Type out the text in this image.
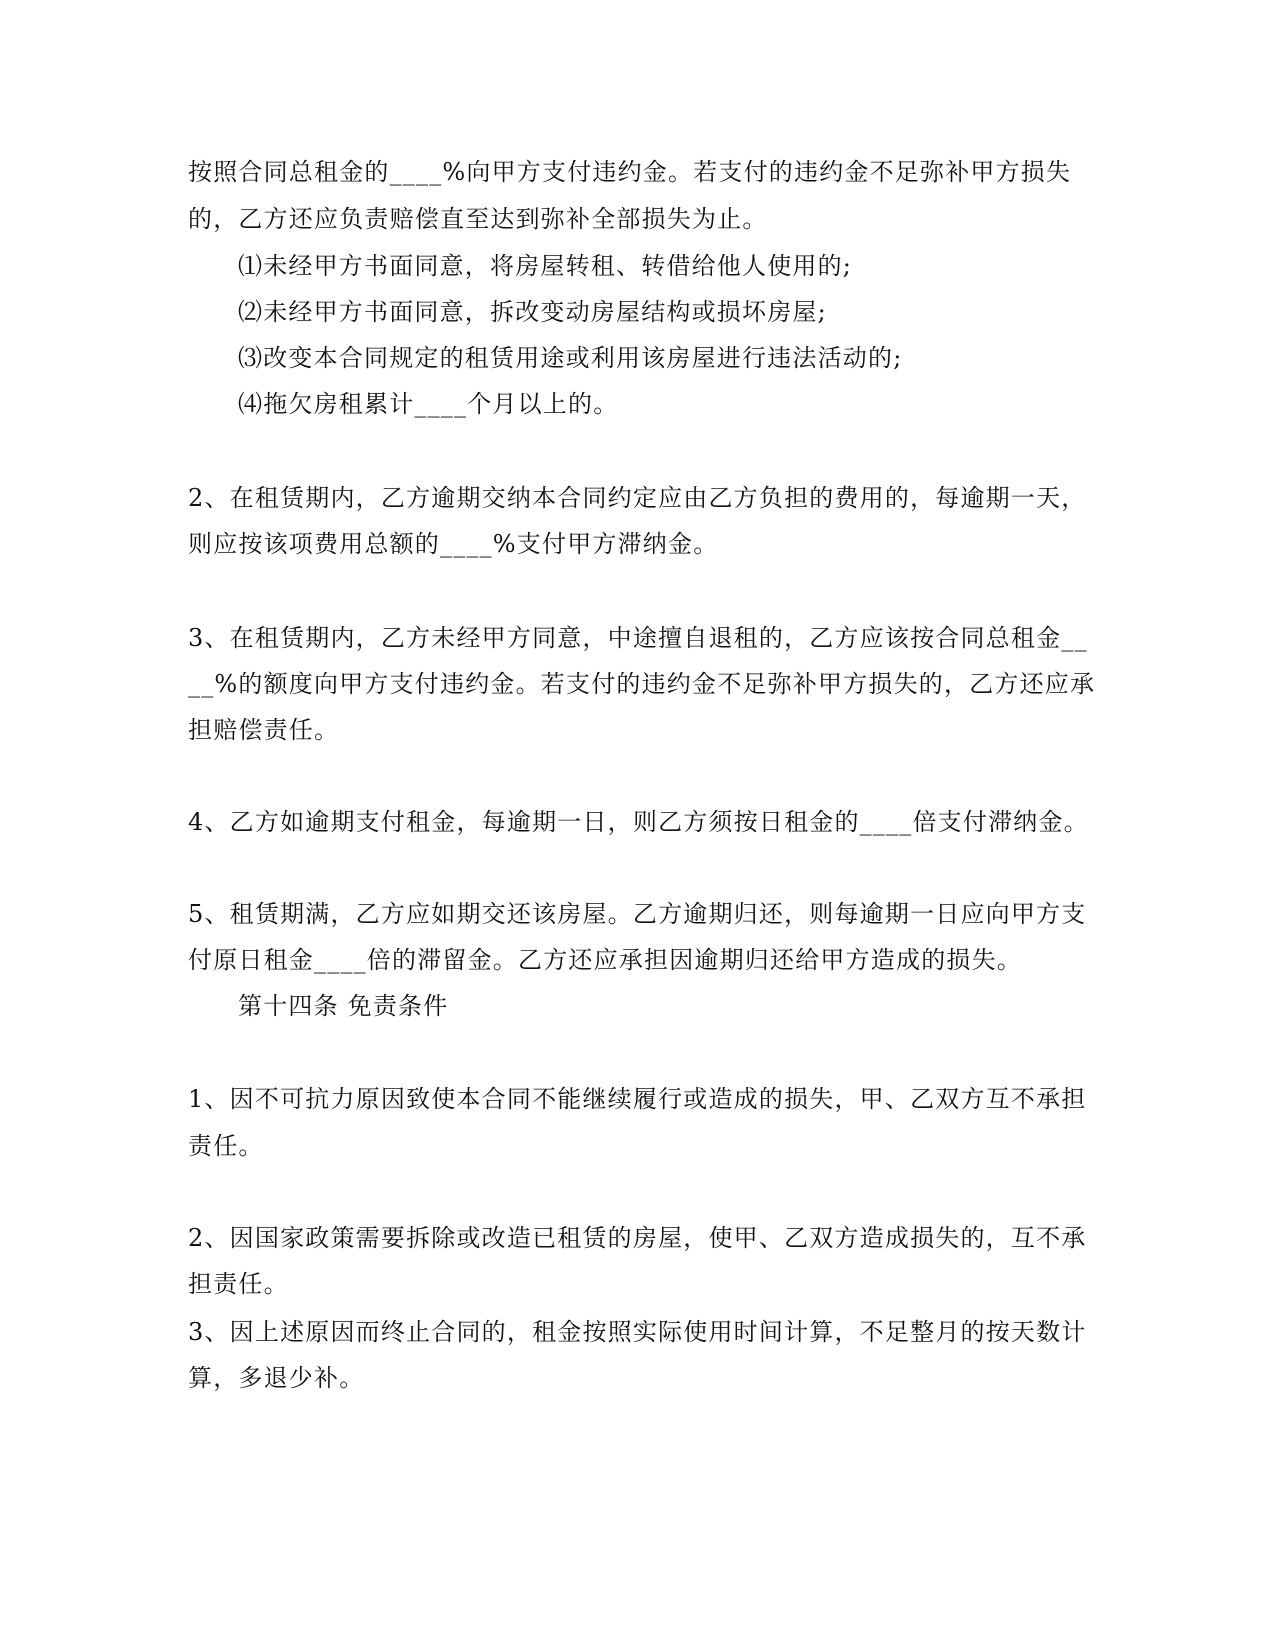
按照合同总租金的____%向甲方支付违约金。若支付的违约金不足弥补甲方损失
的，乙方还应负责赔偿直至达到弥补全部损失为止。
⑴未经甲方书面同意，将房屋转租、转借给他人使用的;
⑵未经甲方书面同意，拆改变动房屋结构或损坏房屋;
⑶改变本合同规定的租赁用途或利用该房屋进行违法活动的;
⑷拖欠房租累计____个月以上的。
2、在租赁期内，乙方逾期交纳本合同约定应由乙方负担的费用的，每逾期一天，
则应按该项费用总额的____%支付甲方滞纳金。
3、在租赁期内，乙方未经甲方同意，中途擅自退租的，乙方应该按合同总租金__
__%的额度向甲方支付违约金。若支付的违约金不足弥补甲方损失的，乙方还应承
担赔偿责任。
4、乙方如逾期支付租金，每逾期一日，则乙方须按日租金的____倍支付滞纳金。
5、租赁期满，乙方应如期交还该房屋。乙方逾期归还，则每逾期一日应向甲方支
付原日租金____倍的滞留金。乙方还应承担因逾期归还给甲方造成的损失。
第十四条 免责条件
1、因不可抗力原因致使本合同不能继续履行或造成的损失，甲、乙双方互不承担
责任。
2、因国家政策需要拆除或改造已租赁的房屋，使甲、乙双方造成损失的，互不承
担责任。
3、因上述原因而终止合同的，租金按照实际使用时间计算，不足整月的按天数计
算，多退少补。
